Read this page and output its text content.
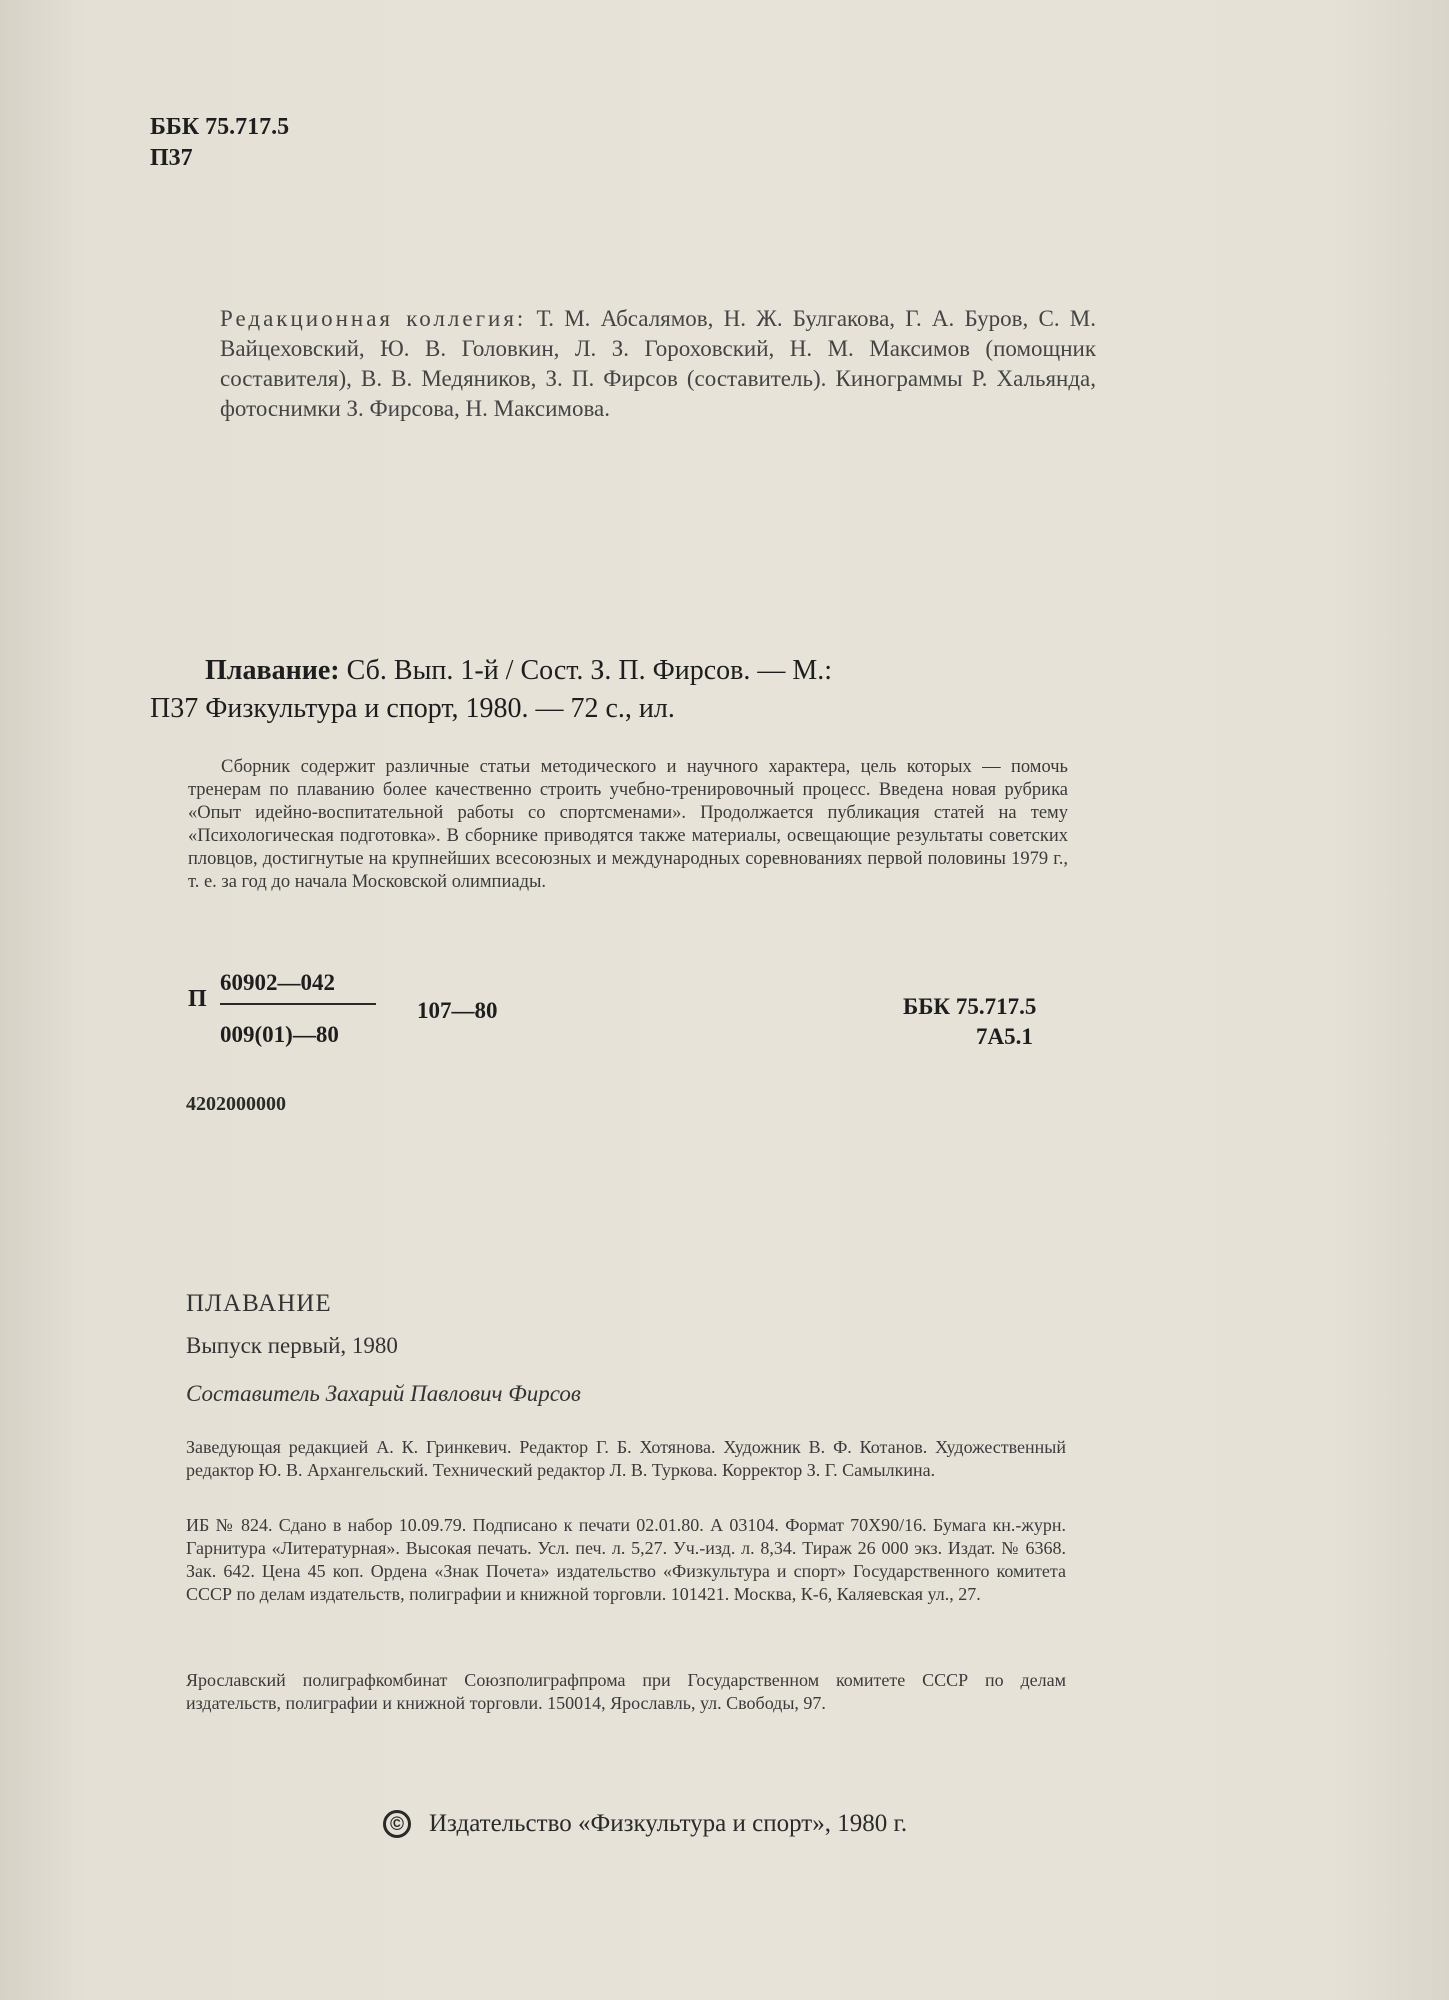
ББК 75.717.5
П37

Редакционная коллегия: Т. М. Абсалямов, Н. Ж. Булгакова, Г. А. Буров, С. М. Вайцеховский, Ю. В. Головкин, Л. З. Гороховский, Н. М. Максимов (помощник составителя), В. В. Медяников, З. П. Фирсов (составитель). Кинограммы Р. Хальянда, фотоснимки З. Фирсова, Н. Максимова.

Плавание: Сб. Вып. 1-й / Сост. З. П. Фирсов. — М.:
П37 Физкультура и спорт, 1980. — 72 с., ил.
Сборник содержит различные статьи методического и научного характера, цель которых — помочь тренерам по плаванию более качественно строить учебно-тренировочный процесс. Введена новая рубрика «Опыт идейно-воспитательной работы со спортсменами». Продолжается публикация статей на тему «Психологическая подготовка». В сборнике приводятся также материалы, освещающие результаты советских пловцов, достигнутые на крупнейших всесоюзных и международных соревнованиях первой половины 1979 г., т. е. за год до начала Московской олимпиады.
П
60902—042
009(01)—80
107—80	ББК 75.717.5
7А5.1
4202000000
ПЛАВАНИЕ
Выпуск первый, 1980
Составитель Захарий Павлович Фирсов
Заведующая редакцией А. К. Гринкевич. Редактор Г. Б. Хотянова. Художник В. Ф. Котанов. Художественный редактор Ю. В. Архангельский. Технический редактор Л. В. Туркова. Корректор З. Г. Самылкина.
ИБ № 824. Сдано в набор 10.09.79. Подписано к печати 02.01.80. А 03104. Формат 70X90/16. Бумага кн.-журн. Гарнитура «Литературная». Высокая печать. Усл. печ. л. 5,27. Уч.-изд. л. 8,34. Тираж 26 000 экз. Издат. № 6368. Зак. 642. Цена 45 коп. Ордена «Знак Почета» издательство «Физкультура и спорт» Государственного комитета СССР по делам издательств, полиграфии и книжной торговли. 101421. Москва, К-6, Каляевская ул., 27.
Ярославский полиграфкомбинат Союзполиграфпрома при Государственном комитете СССР по делам издательств, полиграфии и книжной торговли. 150014, Ярославль, ул. Свободы, 97.
© Издательство «Физкультура и спорт», 1980 г.
